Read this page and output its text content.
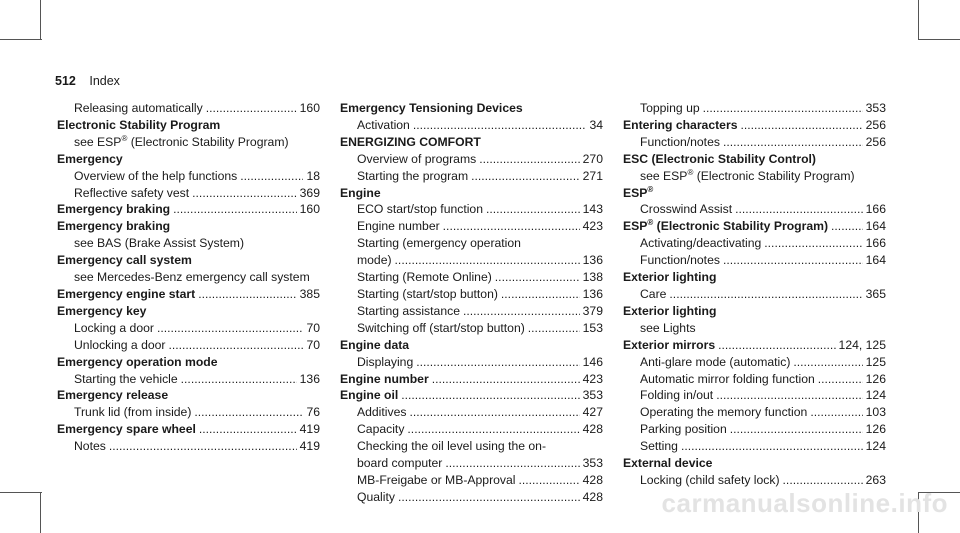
512 Index
Releasing automatically .....	160
Electronic Stability Program
see ESP® (Electronic Stability Program)
Emergency
Overview of the help functions .....	18
Reflective safety vest .....	369
Emergency braking .....	160
Emergency braking
see BAS (Brake Assist System)
Emergency call system
see Mercedes-Benz emergency call system
Emergency engine start .....	385
Emergency key
Locking a door .....	70
Unlocking a door .....	70
Emergency operation mode
Starting the vehicle .....	136
Emergency release
Trunk lid (from inside) .....	76
Emergency spare wheel .....	419
Notes .....	419
Emergency Tensioning Devices
Activation .....	34
ENERGIZING COMFORT
Overview of programs .....	270
Starting the program .....	271
Engine
ECO start/stop function .....	143
Engine number .....	423
Starting (emergency operation
mode) .....	136
Starting (Remote Online) .....	138
Starting (start/stop button) .....	136
Starting assistance .....	379
Switching off (start/stop button) .....	153
Engine data
Displaying .....	146
Engine number .....	423
Engine oil .....	353
Additives .....	427
Capacity .....	428
Checking the oil level using the on-
board computer .....	353
MB-Freigabe or MB-Approval .....	428
Quality .....	428
Topping up .....	353
Entering characters .....	256
Function/notes .....	256
ESC (Electronic Stability Control)
see ESP® (Electronic Stability Program)
ESP®
Crosswind Assist .....	166
ESP® (Electronic Stability Program) .....	164
Activating/deactivating .....	166
Function/notes .....	164
Exterior lighting
Care .....	365
Exterior lighting
see Lights
Exterior mirrors .....	124, 125
Anti-glare mode (automatic) .....	125
Automatic mirror folding function .....	126
Folding in/out .....	124
Operating the memory function .....	103
Parking position .....	126
Setting .....	124
External device
Locking (child safety lock) .....	263
carmanualsonline.info
